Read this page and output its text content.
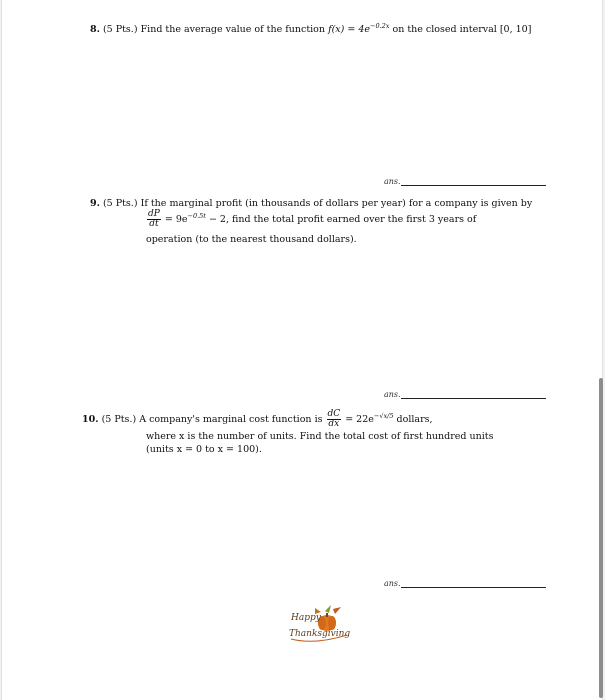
8. (5 Pts.) Find the average value of the function $f(x) = 4e^{-0.2x}$ on the closed interval [0, 10]
ans.
9. (5 Pts.) If the marginal profit (in thousands of dollars per year) for a company is given by
$\frac{dP}{dt} = 9e^{-0.5t} - 2$, find the total profit earned over the first 3 years of
operation (to the nearest thousand dollars).
ans.
10. (5 Pts.) A company's marginal cost function is $\frac{dC}{dx} = 22e^{-√x/5}$ dollars,
where x is the number of units. Find the total cost of first hundred units
(units x = 0 to x = 100).
ans.
Happy
Thanksgiving
